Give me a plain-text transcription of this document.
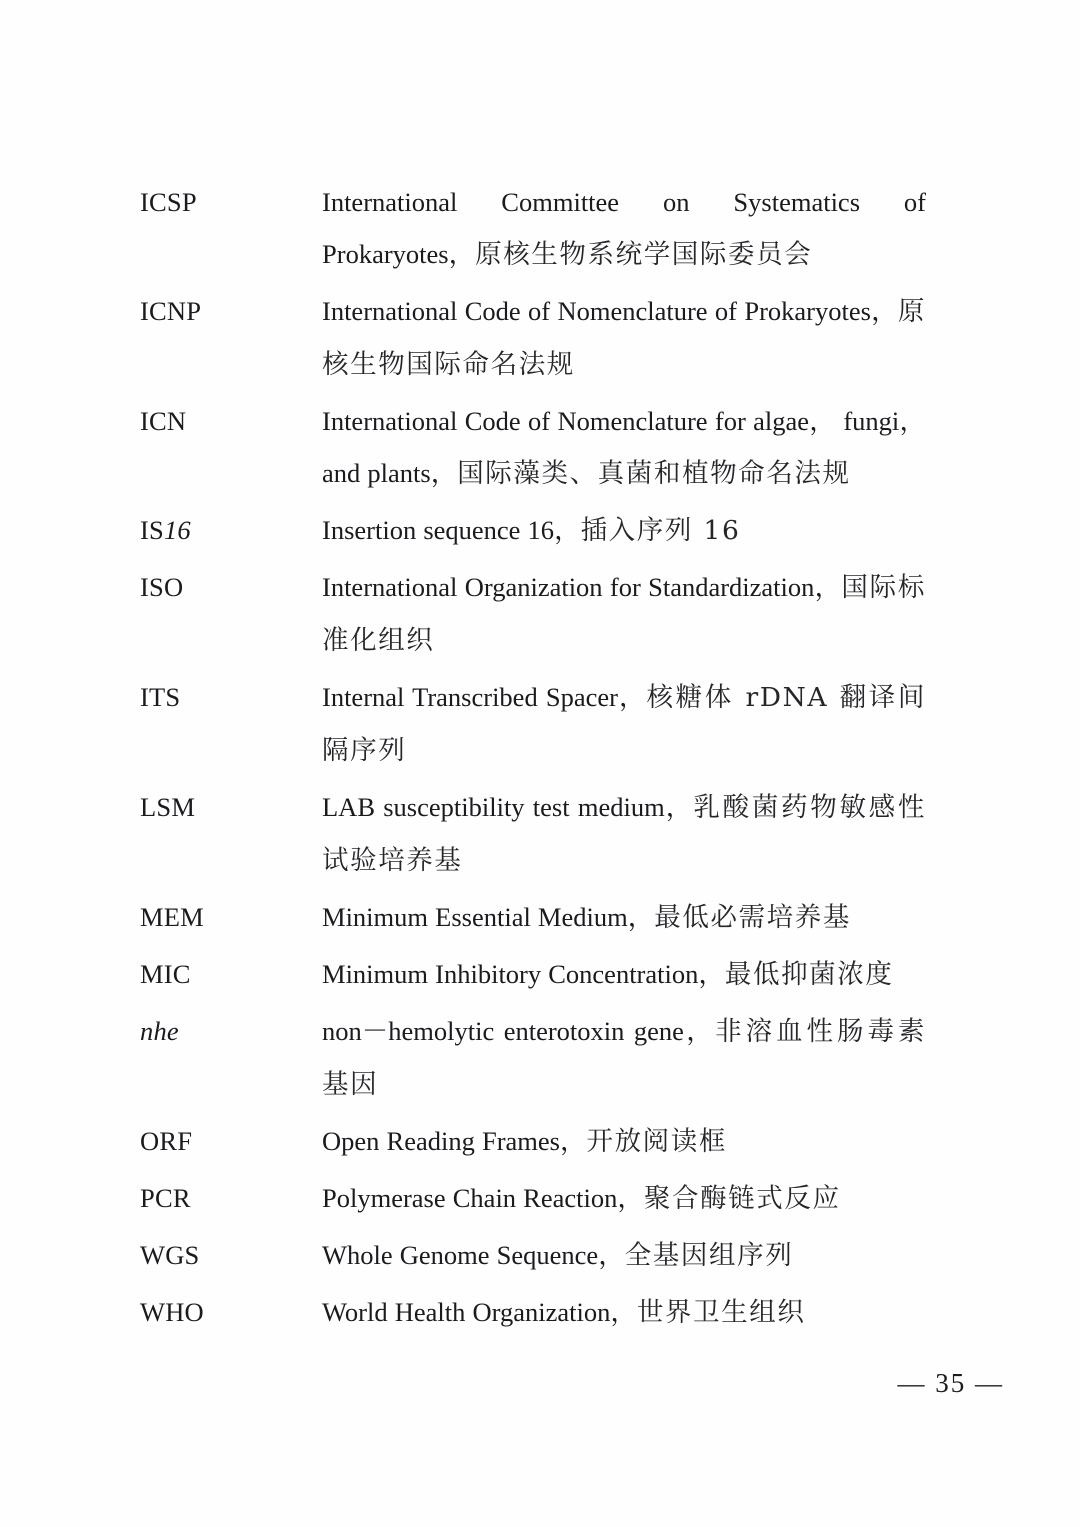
ICSP	International Committee on Systematics of Prokaryotes，原核生物系统学国际委员会
ICNP	International Code of Nomenclature of Prokaryotes，原核生物国际命名法规
ICN	International Code of Nomenclature for algae， fungi， and plants，国际藻类、真菌和植物命名法规
IS16	Insertion sequence 16，插入序列 16
ISO	International Organization for Standardization，国际标准化组织
ITS	Internal Transcribed Spacer，核糖体 rDNA 翻译间隔序列
LSM	LAB susceptibility test medium，乳酸菌药物敏感性试验培养基
MEM	Minimum Essential Medium，最低必需培养基
MIC	Minimum Inhibitory Concentration，最低抑菌浓度
nhe	non－hemolytic enterotoxin gene，非溶血性肠毒素基因
ORF	Open Reading Frames，开放阅读框
PCR	Polymerase Chain Reaction，聚合酶链式反应
WGS	Whole Genome Sequence，全基因组序列
WHO	World Health Organization，世界卫生组织
— 35 —
